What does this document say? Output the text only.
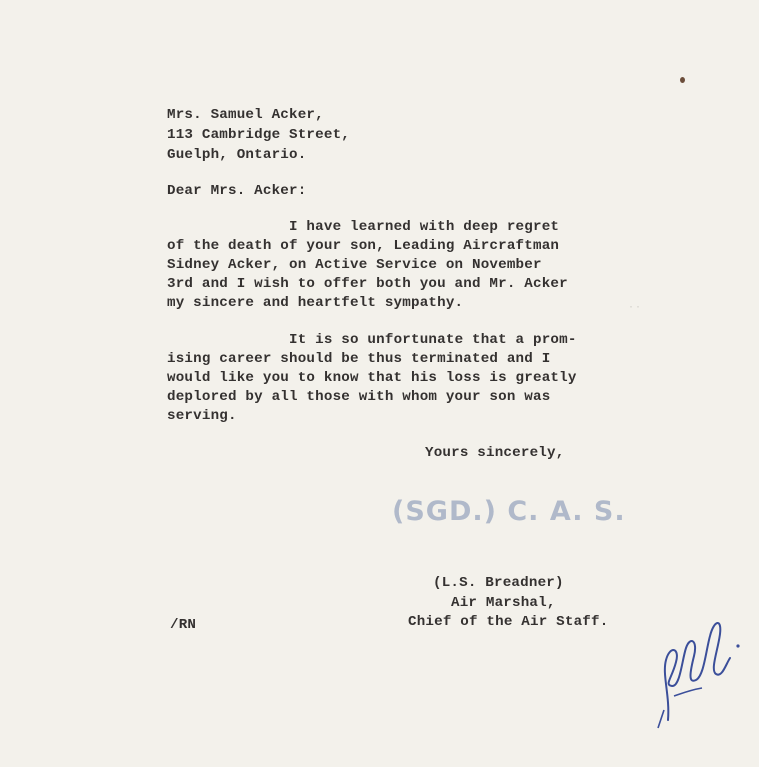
··
Mrs. Samuel Acker,
113 Cambridge Street,
Guelph, Ontario.
Dear Mrs. Acker:
I have learned with deep regret
of the death of your son, Leading Aircraftman
Sidney Acker, on Active Service on November
3rd and I wish to offer both you and Mr. Acker
my sincere and heartfelt sympathy.
It is so unfortunate that a prom-
ising career should be thus terminated and I
would like you to know that his loss is greatly
deplored by all those with whom your son was
serving.
Yours sincerely,
(SGD.) C. A. S.
(L.S. Breadner)
Air Marshal,
Chief of the Air Staff.
/RN
